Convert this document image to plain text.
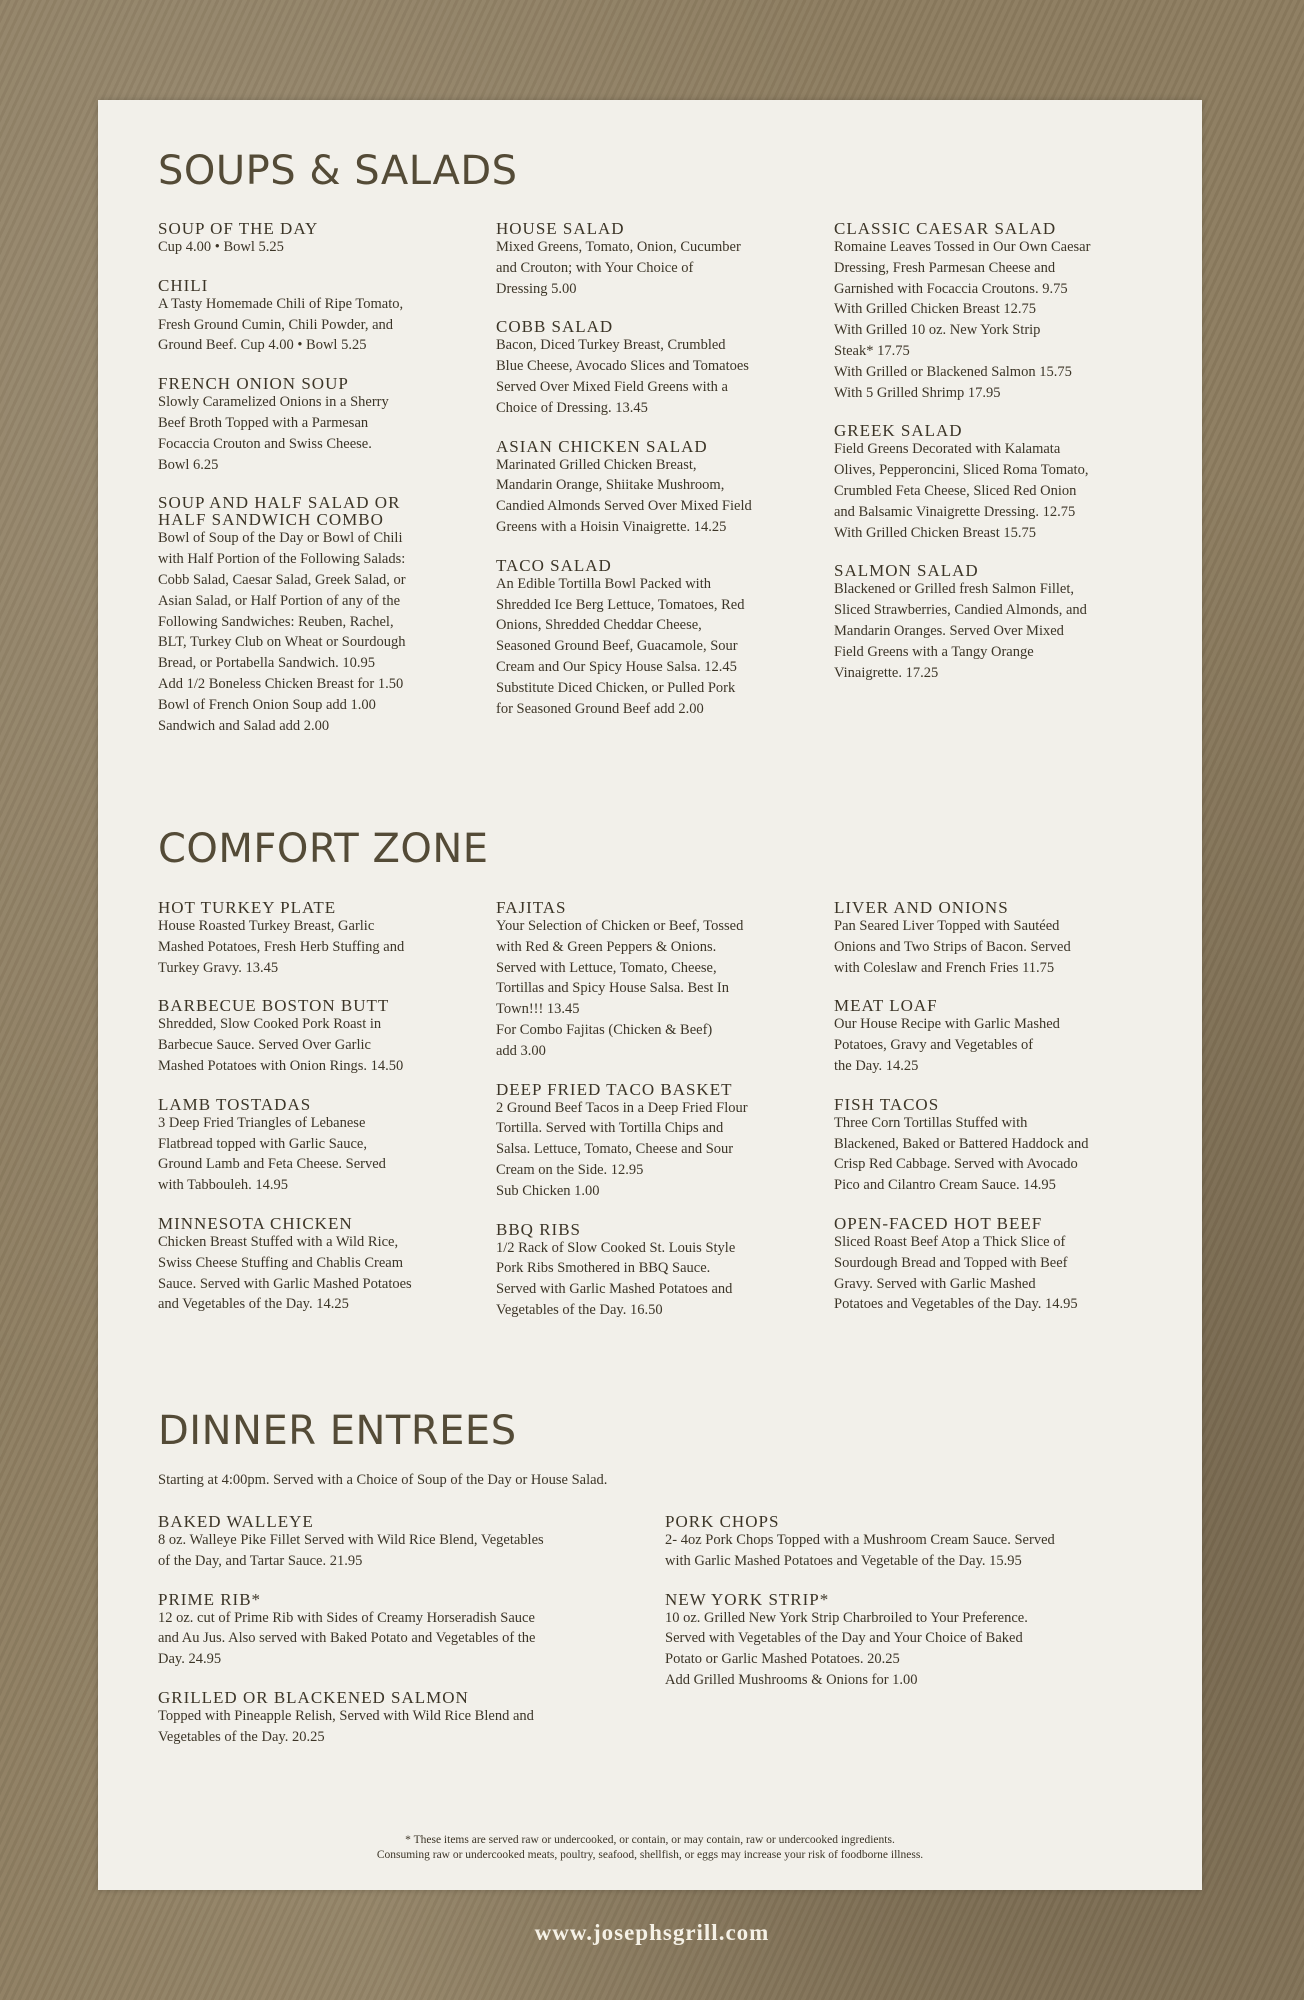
SOUPS & SALADS
SOUP OF THE DAY
Cup 4.00 • Bowl 5.25
CHILI
A Tasty Homemade Chili of Ripe Tomato,
Fresh Ground Cumin, Chili Powder, and
Ground Beef. Cup 4.00 • Bowl 5.25
FRENCH ONION SOUP
Slowly Caramelized Onions in a Sherry
Beef Broth Topped with a Parmesan
Focaccia Crouton and Swiss Cheese.
Bowl 6.25
SOUP AND HALF SALAD OR
HALF SANDWICH COMBO
Bowl of Soup of the Day or Bowl of Chili
with Half Portion of the Following Salads:
Cobb Salad, Caesar Salad, Greek Salad, or
Asian Salad, or Half Portion of any of the
Following Sandwiches: Reuben, Rachel,
BLT, Turkey Club on Wheat or Sourdough
Bread, or Portabella Sandwich. 10.95
Add 1/2 Boneless Chicken Breast for 1.50
Bowl of French Onion Soup add 1.00
Sandwich and Salad add 2.00
HOUSE SALAD
Mixed Greens, Tomato, Onion, Cucumber
and Crouton; with Your Choice of
Dressing 5.00
COBB SALAD
Bacon, Diced Turkey Breast, Crumbled
Blue Cheese, Avocado Slices and Tomatoes
Served Over Mixed Field Greens with a
Choice of Dressing. 13.45
ASIAN CHICKEN SALAD
Marinated Grilled Chicken Breast,
Mandarin Orange, Shiitake Mushroom,
Candied Almonds Served Over Mixed Field
Greens with a Hoisin Vinaigrette. 14.25
TACO SALAD
An Edible Tortilla Bowl Packed with
Shredded Ice Berg Lettuce, Tomatoes, Red
Onions, Shredded Cheddar Cheese,
Seasoned Ground Beef, Guacamole, Sour
Cream and Our Spicy House Salsa. 12.45
Substitute Diced Chicken, or Pulled Pork
for Seasoned Ground Beef add 2.00
CLASSIC CAESAR SALAD
Romaine Leaves Tossed in Our Own Caesar
Dressing, Fresh Parmesan Cheese and
Garnished with Focaccia Croutons. 9.75
With Grilled Chicken Breast 12.75
With Grilled 10 oz. New York Strip
Steak* 17.75
With Grilled or Blackened Salmon 15.75
With 5 Grilled Shrimp 17.95
GREEK SALAD
Field Greens Decorated with Kalamata
Olives, Pepperoncini, Sliced Roma Tomato,
Crumbled Feta Cheese, Sliced Red Onion
and Balsamic Vinaigrette Dressing. 12.75
With Grilled Chicken Breast 15.75
SALMON SALAD
Blackened or Grilled fresh Salmon Fillet,
Sliced Strawberries, Candied Almonds, and
Mandarin Oranges. Served Over Mixed
Field Greens with a Tangy Orange
Vinaigrette. 17.25
COMFORT ZONE
HOT TURKEY PLATE
House Roasted Turkey Breast, Garlic
Mashed Potatoes, Fresh Herb Stuffing and
Turkey Gravy. 13.45
BARBECUE BOSTON BUTT
Shredded, Slow Cooked Pork Roast in
Barbecue Sauce. Served Over Garlic
Mashed Potatoes with Onion Rings. 14.50
LAMB TOSTADAS
3 Deep Fried Triangles of Lebanese
Flatbread topped with Garlic Sauce,
Ground Lamb and Feta Cheese. Served
with Tabbouleh. 14.95
MINNESOTA CHICKEN
Chicken Breast Stuffed with a Wild Rice,
Swiss Cheese Stuffing and Chablis Cream
Sauce. Served with Garlic Mashed Potatoes
and Vegetables of the Day. 14.25
FAJITAS
Your Selection of Chicken or Beef, Tossed
with Red & Green Peppers & Onions.
Served with Lettuce, Tomato, Cheese,
Tortillas and Spicy House Salsa. Best In
Town!!! 13.45
For Combo Fajitas (Chicken & Beef)
add 3.00
DEEP FRIED TACO BASKET
2 Ground Beef Tacos in a Deep Fried Flour
Tortilla. Served with Tortilla Chips and
Salsa. Lettuce, Tomato, Cheese and Sour
Cream on the Side. 12.95
Sub Chicken 1.00
BBQ RIBS
1/2 Rack of Slow Cooked St. Louis Style
Pork Ribs Smothered in BBQ Sauce.
Served with Garlic Mashed Potatoes and
Vegetables of the Day. 16.50
LIVER AND ONIONS
Pan Seared Liver Topped with Sautéed
Onions and Two Strips of Bacon. Served
with Coleslaw and French Fries 11.75
MEAT LOAF
Our House Recipe with Garlic Mashed
Potatoes, Gravy and Vegetables of
the Day. 14.25
FISH TACOS
Three Corn Tortillas Stuffed with
Blackened, Baked or Battered Haddock and
Crisp Red Cabbage. Served with Avocado
Pico and Cilantro Cream Sauce. 14.95
OPEN-FACED HOT BEEF
Sliced Roast Beef Atop a Thick Slice of
Sourdough Bread and Topped with Beef
Gravy. Served with Garlic Mashed
Potatoes and Vegetables of the Day. 14.95
DINNER ENTREES
Starting at 4:00pm. Served with a Choice of Soup of the Day or House Salad.
BAKED WALLEYE
8 oz. Walleye Pike Fillet Served with Wild Rice Blend, Vegetables
of the Day, and Tartar Sauce. 21.95
PRIME RIB*
12 oz. cut of Prime Rib with Sides of Creamy Horseradish Sauce
and Au Jus. Also served with Baked Potato and Vegetables of the
Day. 24.95
GRILLED OR BLACKENED SALMON
Topped with Pineapple Relish, Served with Wild Rice Blend and
Vegetables of the Day. 20.25
PORK CHOPS
2- 4oz Pork Chops Topped with a Mushroom Cream Sauce. Served
with Garlic Mashed Potatoes and Vegetable of the Day. 15.95
NEW YORK STRIP*
10 oz. Grilled New York Strip Charbroiled to Your Preference.
Served with Vegetables of the Day and Your Choice of Baked
Potato or Garlic Mashed Potatoes. 20.25
Add Grilled Mushrooms & Onions for 1.00
* These items are served raw or undercooked, or contain, or may contain, raw or undercooked ingredients.
Consuming raw or undercooked meats, poultry, seafood, shellfish, or eggs may increase your risk of foodborne illness.
www.josephsgrill.com
